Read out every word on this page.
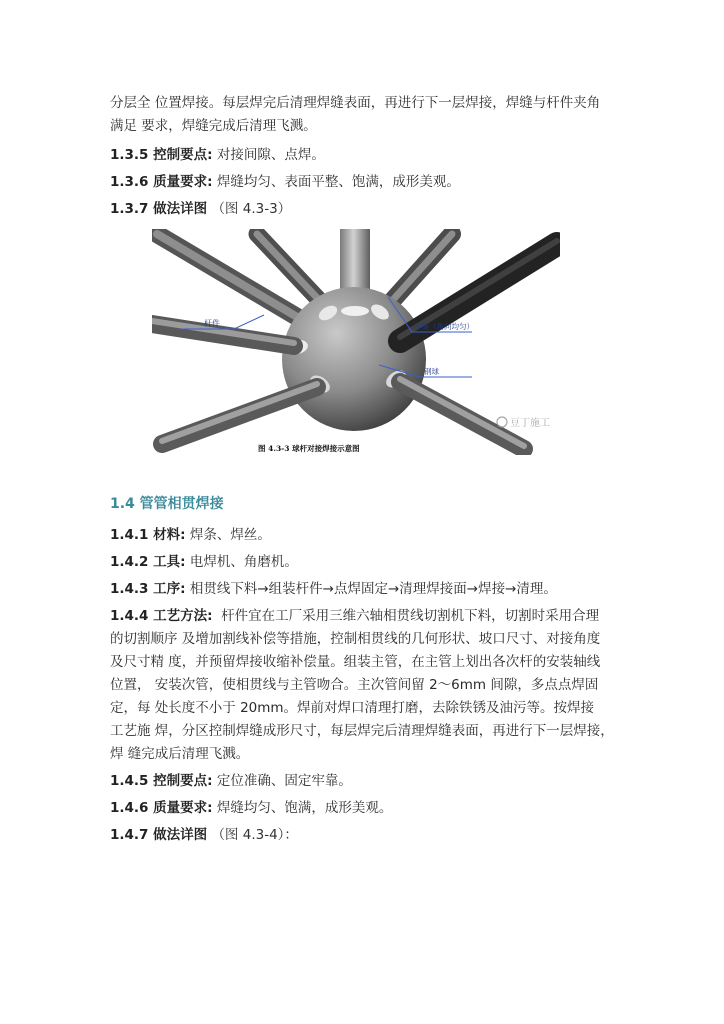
分层全 位置焊接。每层焊完后清理焊缝表面，再进行下一层焊接，焊缝与杆件夹角

满足 要求，焊缝完成后清理飞溅。

1.3.5 控制要点: 对接间隙、点焊。
1.3.6 质量要求: 焊缝均匀、表面平整、饱满，成形美观。
1.3.7 做法详图 （图 4.3-3）
杆件	焊缝（角向均匀）
钢球
图 4.3-3 球杆对接焊接示意图
豆丁施工
1.4 管管相贯焊接
1.4.1 材料: 焊条、焊丝。
1.4.2 工具: 电焊机、角磨机。
1.4.3 工序: 相贯线下料→组装杆件→点焊固定→清理焊接面→焊接→清理。
1.4.4 工艺方法: 杆件宜在工厂采用三维六轴相贯线切割机下料，切割时采用合理
的切割顺序 及增加割线补偿等措施，控制相贯线的几何形状、坡口尺寸、对接角度
及尺寸精 度，并预留焊接收缩补偿量。组装主管，在主管上划出各次杆的安装轴线
位置， 安装次管，使相贯线与主管吻合。主次管间留 2～6mm 间隙，多点点焊固
定，每 处长度不小于 20mm。焊前对焊口清理打磨，去除铁锈及油污等。按焊接
工艺施 焊，分区控制焊缝成形尺寸，每层焊完后清理焊缝表面，再进行下一层焊接，
焊 缝完成后清理飞溅。
1.4.5 控制要点: 定位准确、固定牢靠。
1.4.6 质量要求: 焊缝均匀、饱满，成形美观。
1.4.7 做法详图 （图 4.3-4）：
